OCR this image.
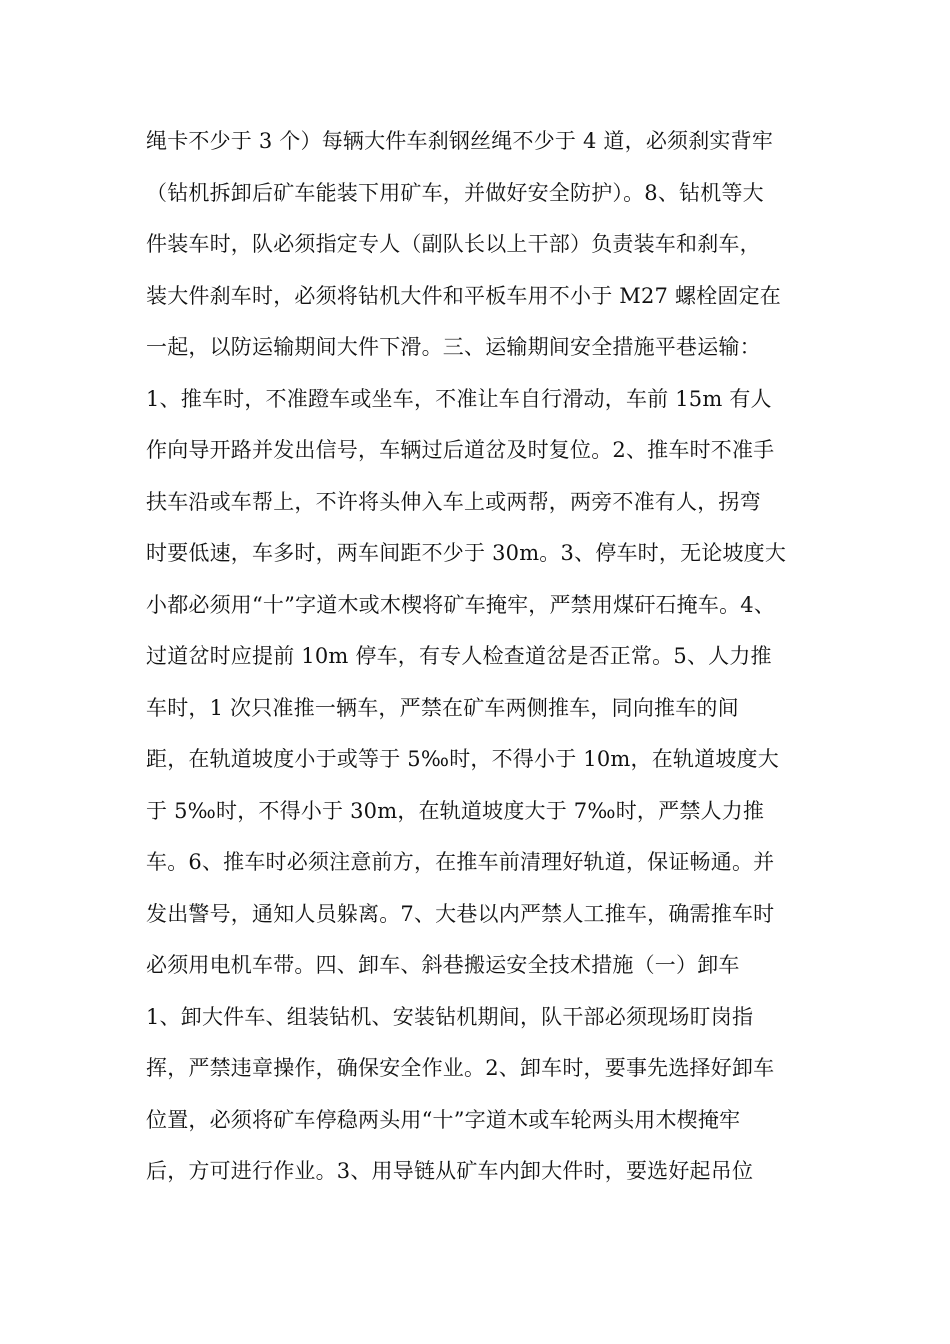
绳卡不少于 3 个）每辆大件车刹钢丝绳不少于 4 道，必须刹实背牢
（钻机拆卸后矿车能装下用矿车，并做好安全防护）。8、钻机等大
件装车时，队必须指定专人（副队长以上干部）负责装车和刹车，
装大件刹车时，必须将钻机大件和平板车用不小于 M27 螺栓固定在
一起，以防运输期间大件下滑。三、运输期间安全措施平巷运输：
1、推车时，不准蹬车或坐车，不准让车自行滑动，车前 15m 有人
作向导开路并发出信号，车辆过后道岔及时复位。2、推车时不准手
扶车沿或车帮上，不许将头伸入车上或两帮，两旁不准有人，拐弯
时要低速，车多时，两车间距不少于 30m。3、停车时，无论坡度大
小都必须用“十”字道木或木楔将矿车掩牢，严禁用煤矸石掩车。4、
过道岔时应提前 10m 停车，有专人检查道岔是否正常。5、人力推
车时，1 次只准推一辆车，严禁在矿车两侧推车，同向推车的间
距，在轨道坡度小于或等于 5‰时，不得小于 10m，在轨道坡度大
于 5‰时，不得小于 30m，在轨道坡度大于 7‰时，严禁人力推
车。6、推车时必须注意前方，在推车前清理好轨道，保证畅通。并
发出警号，通知人员躲离。7、大巷以内严禁人工推车，确需推车时
必须用电机车带。四、卸车、斜巷搬运安全技术措施（一）卸车
1、卸大件车、组装钻机、安装钻机期间，队干部必须现场盯岗指
挥，严禁违章操作，确保安全作业。2、卸车时，要事先选择好卸车
位置，必须将矿车停稳两头用“十”字道木或车轮两头用木楔掩牢
后，方可进行作业。3、用导链从矿车内卸大件时，要选好起吊位
